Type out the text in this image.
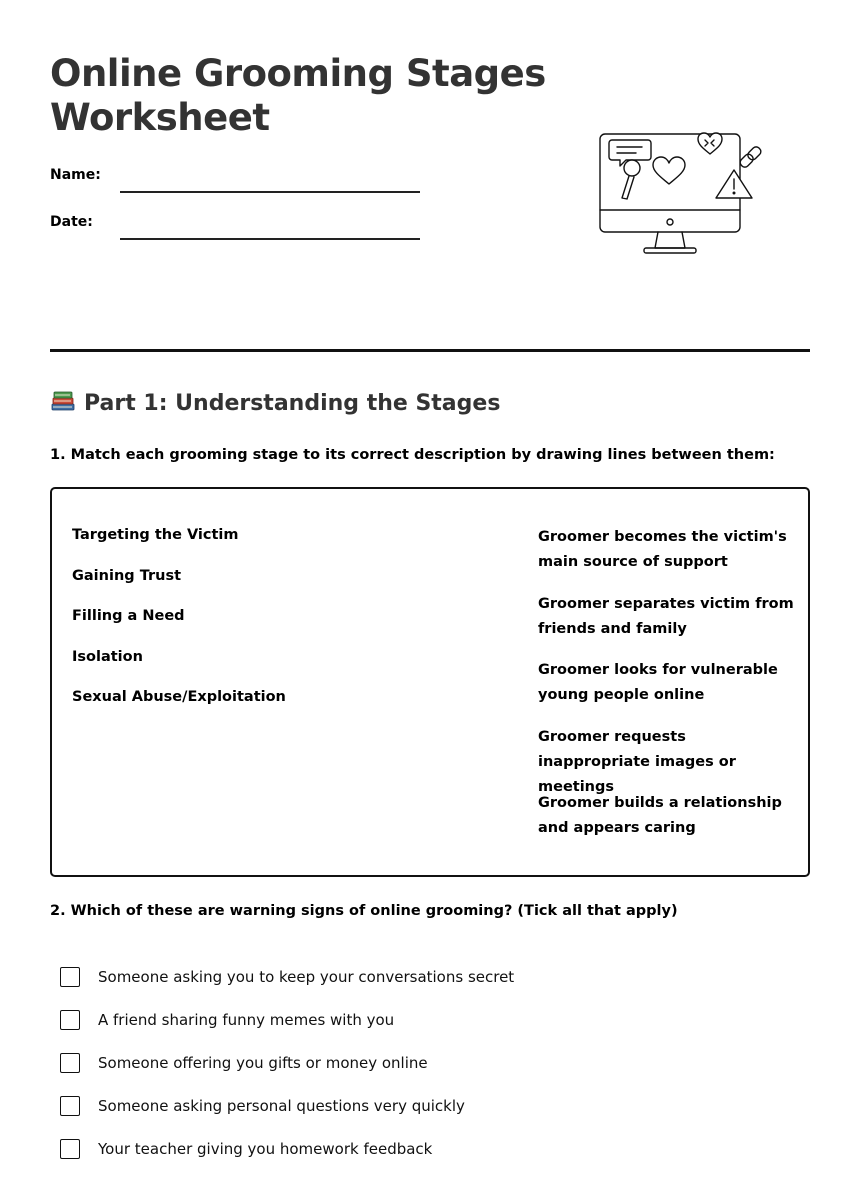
Online Grooming Stages Worksheet
Name:
Date:
Part 1: Understanding the Stages

1. Match each grooming stage to its correct description by drawing lines between them:

Targeting the Victim
Gaining Trust
Filling a Need
Isolation
Sexual Abuse/Exploitation
Groomer becomes the victim's main source of support
Groomer separates victim from friends and family
Groomer looks for vulnerable young people online
Groomer requests inappropriate images or meetings
Groomer builds a relationship and appears caring

2. Which of these are warning signs of online grooming? (Tick all that apply)

Someone asking you to keep your conversations secret
A friend sharing funny memes with you
Someone offering you gifts or money online
Someone asking personal questions very quickly
Your teacher giving you homework feedback
